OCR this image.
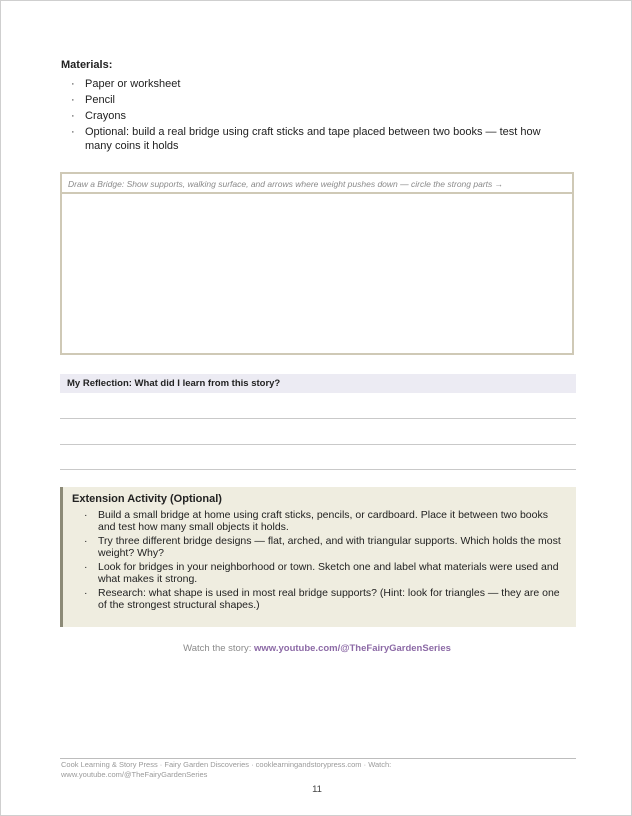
Materials:
· Paper or worksheet
· Pencil
· Crayons
· Optional: build a real bridge using craft sticks and tape placed between two books — test how many coins it holds
Draw a Bridge: Show supports, walking surface, and arrows where weight pushes down — circle the strong parts →
My Reflection: What did I learn from this story?
Extension Activity (Optional)
· Build a small bridge at home using craft sticks, pencils, or cardboard. Place it between two books and test how many small objects it holds.
· Try three different bridge designs — flat, arched, and with triangular supports. Which holds the most weight? Why?
· Look for bridges in your neighborhood or town. Sketch one and label what materials were used and what makes it strong.
· Research: what shape is used in most real bridge supports? (Hint: look for triangles — they are one of the strongest structural shapes.)
Watch the story: www.youtube.com/@TheFairyGardenSeries
Cook Learning & Story Press · Fairy Garden Discoveries · cooklearningandstorypress.com · Watch: www.youtube.com/@TheFairyGardenSeries
11
